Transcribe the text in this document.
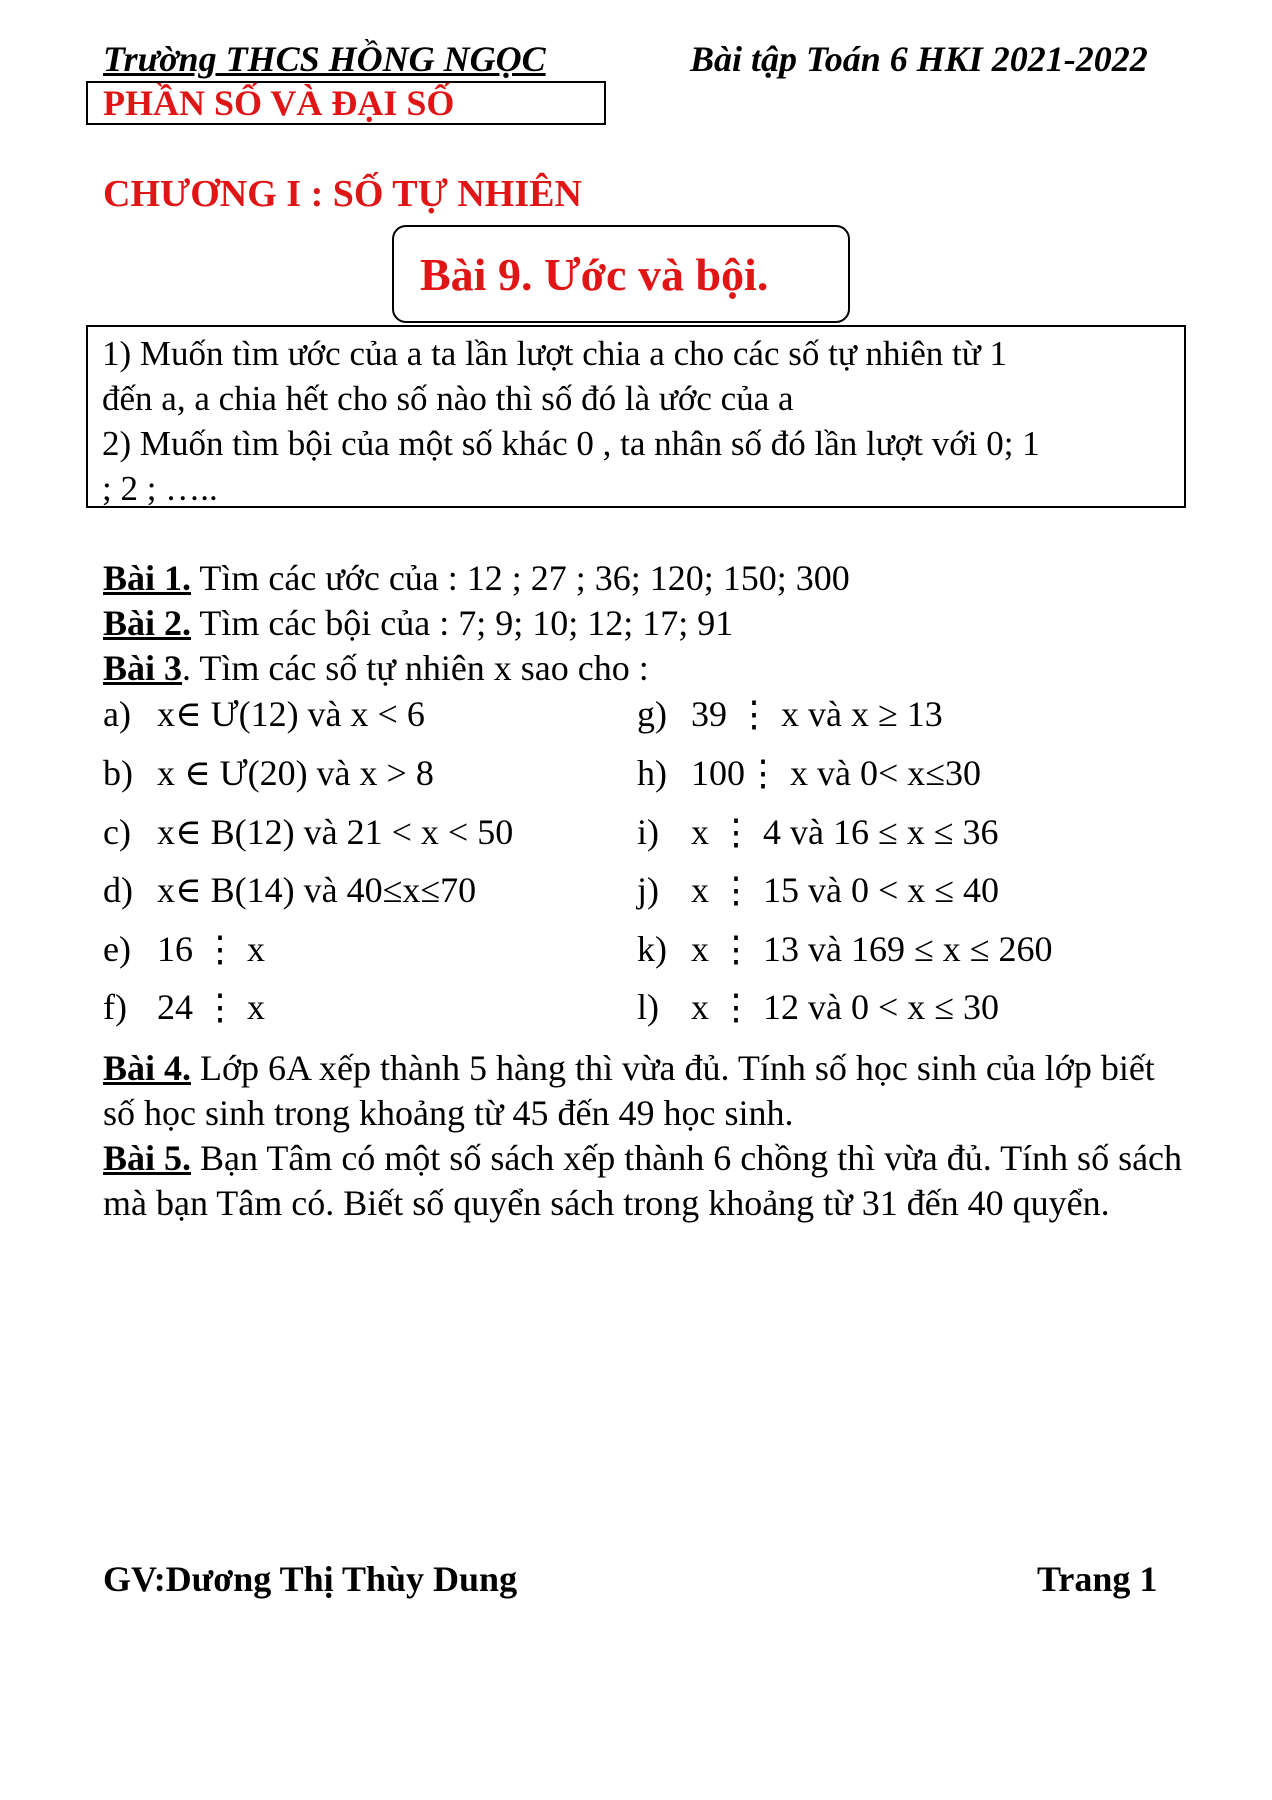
Trường THCS HỒNG NGỌC	Bài tập Toán 6 HKI 2021-2022
PHẦN SỐ VÀ ĐẠI SỐ
CHƯƠNG I : SỐ TỰ NHIÊN
Bài 9. Ước và bội.
1) Muốn tìm ước của a ta lần lượt chia a cho các số tự nhiên từ 1
đến a, a chia hết cho số nào thì số đó là ước của a
2) Muốn tìm bội của một số khác 0 , ta nhân số đó lần lượt với 0; 1
; 2 ; …..
Bài 1. Tìm các ước của : 12 ; 27 ; 36; 120; 150; 300
Bài 2. Tìm các bội của : 7; 9; 10; 12; 17; 91
Bài 3. Tìm các số tự nhiên x sao cho :
a) x∈ Ư(12) và x < 6
b) x ∈ Ư(20) và x > 8
c) x∈ B(12) và 21 < x < 50
d) x∈ B(14) và 40≤x≤70
e) 16 ⋮ x
f) 24 ⋮ x
g) 39 ⋮ x và x ≥ 13
h) 100⋮ x và 0< x≤30
i) x ⋮ 4 và 16 ≤ x ≤ 36
j) x ⋮ 15 và 0 < x ≤ 40
k) x ⋮ 13 và 169 ≤ x ≤ 260
l) x ⋮ 12 và 0 < x ≤ 30
Bài 4. Lớp 6A xếp thành 5 hàng thì vừa đủ. Tính số học sinh của lớp biết số học sinh trong khoảng từ 45 đến 49 học sinh.
Bài 5. Bạn Tâm có một số sách xếp thành 6 chồng thì vừa đủ. Tính số sách mà bạn Tâm có. Biết số quyển sách trong khoảng từ 31 đến 40 quyển.
GV:Dương Thị Thùy Dung	Trang 1
